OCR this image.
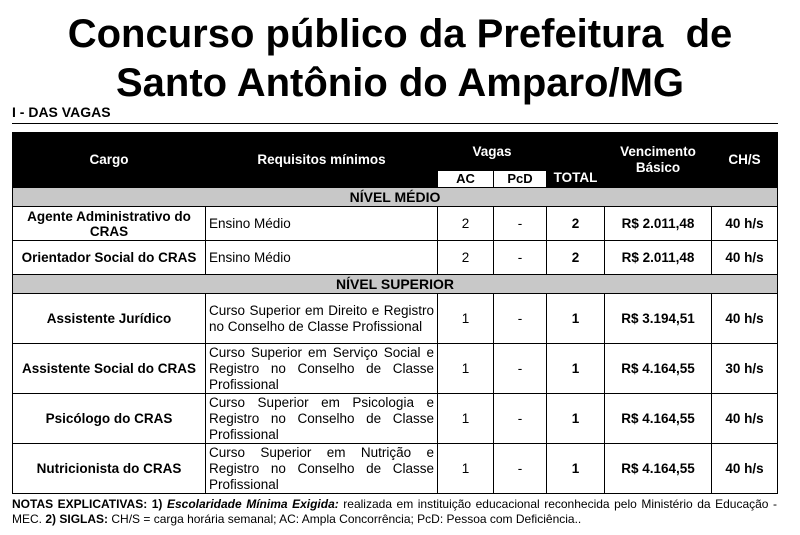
Concurso público da Prefeitura  de
Santo Antônio do Amparo/MG
I - DAS VAGAS
Cargo	Requisitos mínimos	Vagas		TOTAL	Vencimento Básico	CH/S
		AC	PcD			
NÍVEL MÉDIO						
Agente Administrativo do CRAS	Ensino Médio	2	-	2	R$ 2.011,48	40 h/s
Orientador Social do CRAS	Ensino Médio	2	-	2	R$ 2.011,48	40 h/s
NÍVEL SUPERIOR						
Assistente Jurídico	Curso Superior em Direito e Registro no Conselho de Classe Profissional	1	-	1	R$ 3.194,51	40 h/s
Assistente Social do CRAS	Curso Superior em Serviço Social e Registro no Conselho de Classe Profissional	1	-	1	R$ 4.164,55	30 h/s
Psicólogo do CRAS	Curso Superior em Psicologia e Registro no Conselho de Classe Profissional	1	-	1	R$ 4.164,55	40 h/s
Nutricionista do CRAS	Curso Superior em Nutrição e Registro no Conselho de Classe Profissional	1	-	1	R$ 4.164,55	40 h/s
NOTAS EXPLICATIVAS: 1) Escolaridade Mínima Exigida: realizada em instituição educacional reconhecida pelo Ministério da Educação - MEC. 2) SIGLAS: CH/S = carga horária semanal; AC: Ampla Concorrência; PcD: Pessoa com Deficiência..
